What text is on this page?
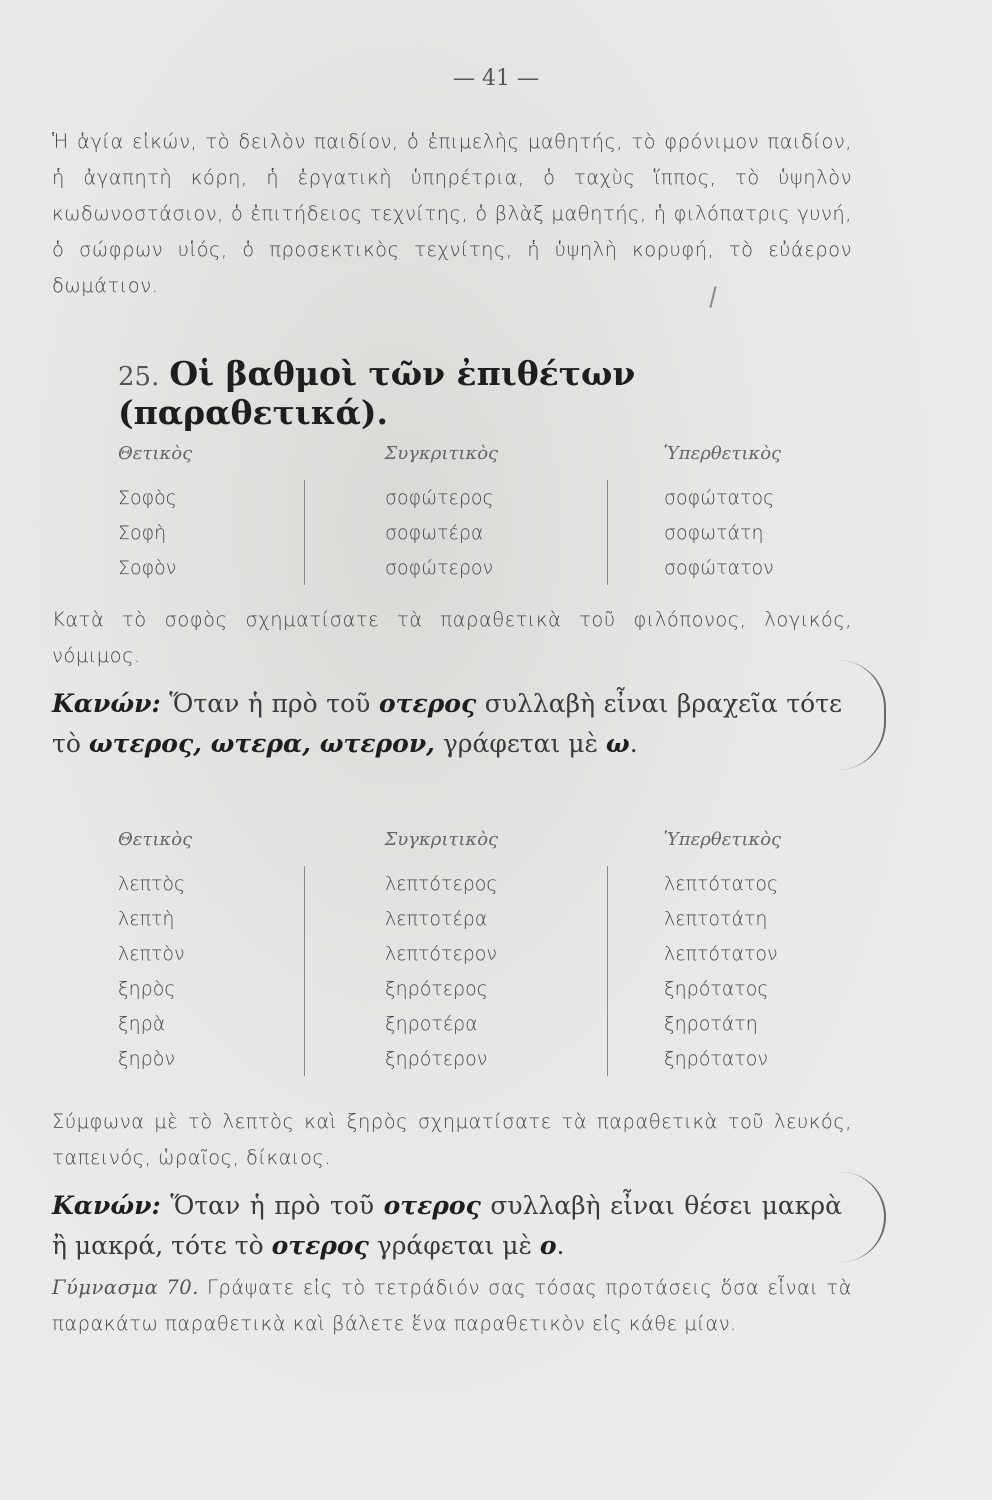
— 41 —
Ἡ ἁγία εἰκών, τὸ δειλὸν παιδίον, ὁ ἐπιμελὴς μαθητής, τὸ φρόνιμον παιδίον, ἡ ἀγαπητὴ κόρη, ἡ ἐργατικὴ ὑπηρέτρια, ὁ ταχὺς ἵππος, τὸ ὑψηλὸν κωδωνοστάσιον, ὁ ἐπιτήδειος τεχνίτης, ὁ βλὰξ μαθητής, ἡ φιλόπατρις γυνή, ὁ σώφρων υἱός, ὁ προσεκτικὸς τεχνίτης, ἡ ὑψηλὴ κορυφή, τὸ εὐάερον δωμάτιον.
25. Οἱ βαθμοὶ τῶν ἐπιθέτων (παραθετικά).
Θετικὸς	Συγκριτικὸς	Ὑπερθετικὸς
Σοφὸς	σοφώτερος	σοφώτατος
Σοφὴ	σοφωτέρα	σοφωτάτη
Σοφὸν	σοφώτερον	σοφώτατον
Κατὰ τὸ σοφὸς σχηματίσατε τὰ παραθετικὰ τοῦ φιλόπονος, λογικός, νόμιμος.
Κανών: Ὅταν ἡ πρὸ τοῦ οτερος συλλαβὴ εἶναι βραχεῖα τότε τὸ ωτερος, ωτερα, ωτερον, γράφεται μὲ ω.
Θετικὸς	Συγκριτικὸς	Ὑπερθετικὸς
λεπτὸς	λεπτότερος	λεπτότατος
λεπτὴ	λεπτοτέρα	λεπτοτάτη
λεπτὸν	λεπτότερον	λεπτότατον
ξηρὸς	ξηρότερος	ξηρότατος
ξηρὰ	ξηροτέρα	ξηροτάτη
ξηρὸν	ξηρότερον	ξηρότατον
Σύμφωνα μὲ τὸ λεπτὸς καὶ ξηρὸς σχηματίσατε τὰ παραθετικὰ τοῦ λευκός, ταπεινός, ὡραῖος, δίκαιος.
Κανών: Ὅταν ἡ πρὸ τοῦ οτερος συλλαβὴ εἶναι θέσει μακρὰ ἢ μακρά, τότε τὸ οτερος γράφεται μὲ ο.
Γύμνασμα 70. Γράψατε εἰς τὸ τετράδιόν σας τόσας προτάσεις ὅσα εἶναι τὰ παρακάτω παραθετικὰ καὶ βάλετε ἕνα παραθετικὸν εἰς κάθε μίαν.
